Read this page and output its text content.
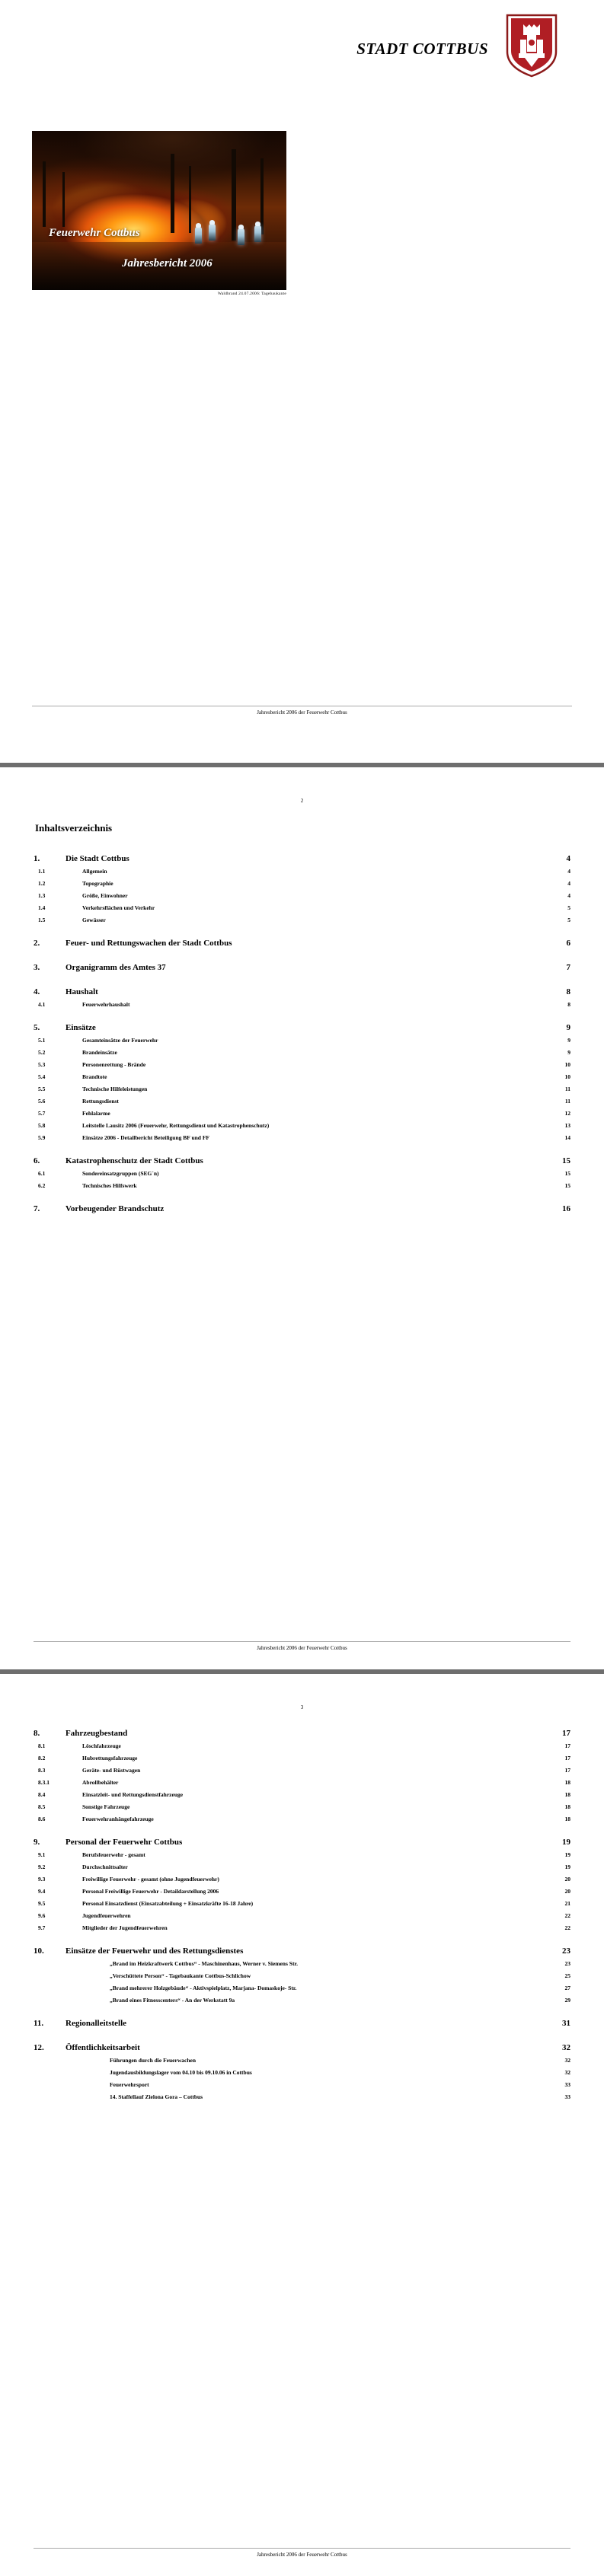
STADT COTTBUS
Feuerwehr Cottbus
Jahresbericht 2006
Waldbrand 24.07.2006: Tagebaukante
Jahresbericht 2006 der Feuerwehr Cottbus
2
Inhaltsverzeichnis
1.	Die Stadt Cottbus	4
1.1	Allgemein	4
1.2	Topographie	4
1.3	Größe, Einwohner	4
1.4	Verkehrsflächen und Verkehr	5
1.5	Gewässer	5
2.	Feuer- und Rettungswachen der Stadt Cottbus	6
3.	Organigramm des Amtes 37	7
4.	Haushalt	8
4.1	Feuerwehrhaushalt	8
5.	Einsätze	9
5.1	Gesamteinsätze der Feuerwehr	9
5.2	Brandeinsätze	9
5.3	Personenrettung - Brände	10
5.4	Brandtote	10
5.5	Technische Hilfeleistungen	11
5.6	Rettungsdienst	11
5.7	Fehlalarme	12
5.8	Leitstelle Lausitz 2006 (Feuerwehr, Rettungsdienst und Katastrophenschutz)	13
5.9	Einsätze 2006 - Detailbericht Beteiligung BF und FF	14
6.	Katastrophenschutz der Stadt Cottbus	15
6.1	Sondereinsatzgruppen (SEG´n)	15
6.2	Technisches Hilfswerk	15
7.	Vorbeugender Brandschutz	16
Jahresbericht 2006 der Feuerwehr Cottbus
3
8.	Fahrzeugbestand	17
8.1	Löschfahrzeuge	17
8.2	Hubrettungsfahrzeuge	17
8.3	Geräte- und Rüstwagen	17
8.3.1	Abrollbehälter	18
8.4	Einsatzleit- und Rettungsdienstfahrzeuge	18
8.5	Sonstige Fahrzeuge	18
8.6	Feuerwehranhängefahrzeuge	18
9.	Personal der Feuerwehr Cottbus	19
9.1	Berufsfeuerwehr - gesamt	19
9.2	Durchschnittsalter	19
9.3	Freiwillige Feuerwehr - gesamt (ohne Jugendfeuerwehr)	20
9.4	Personal Freiwillige Feuerwehr - Detaildarstellung 2006	20
9.5	Personal Einsatzdienst (Einsatzabteilung + Einsatzkräfte 16-18 Jahre)	21
9.6	Jugendfeuerwehren	22
9.7	Mitglieder der Jugendfeuerwehren	22
10.	Einsätze der Feuerwehr und des Rettungsdienstes	23
„Brand im Heizkraftwerk Cottbus“ - Maschinenhaus, Werner v. Siemens Str.	23
„Verschüttete Person“ - Tagebaukante Cottbus-Schlichow	25
„Brand mehrerer Holzgebäude“ - Aktivspielplatz, Marjana- Domaskoje- Str.	27
„Brand eines Fitnesscenters“ - An der Werkstatt 9a	29
11.	Regionalleitstelle	31
12.	Öffentlichkeitsarbeit	32
Führungen durch die Feuerwachen	32
Jugendausbildungslager vom 04.10 bis 09.10.06 in Cottbus	32
Feuerwehrsport	33
14. Staffellauf Zielona Gora – Cottbus	33
Jahresbericht 2006 der Feuerwehr Cottbus
